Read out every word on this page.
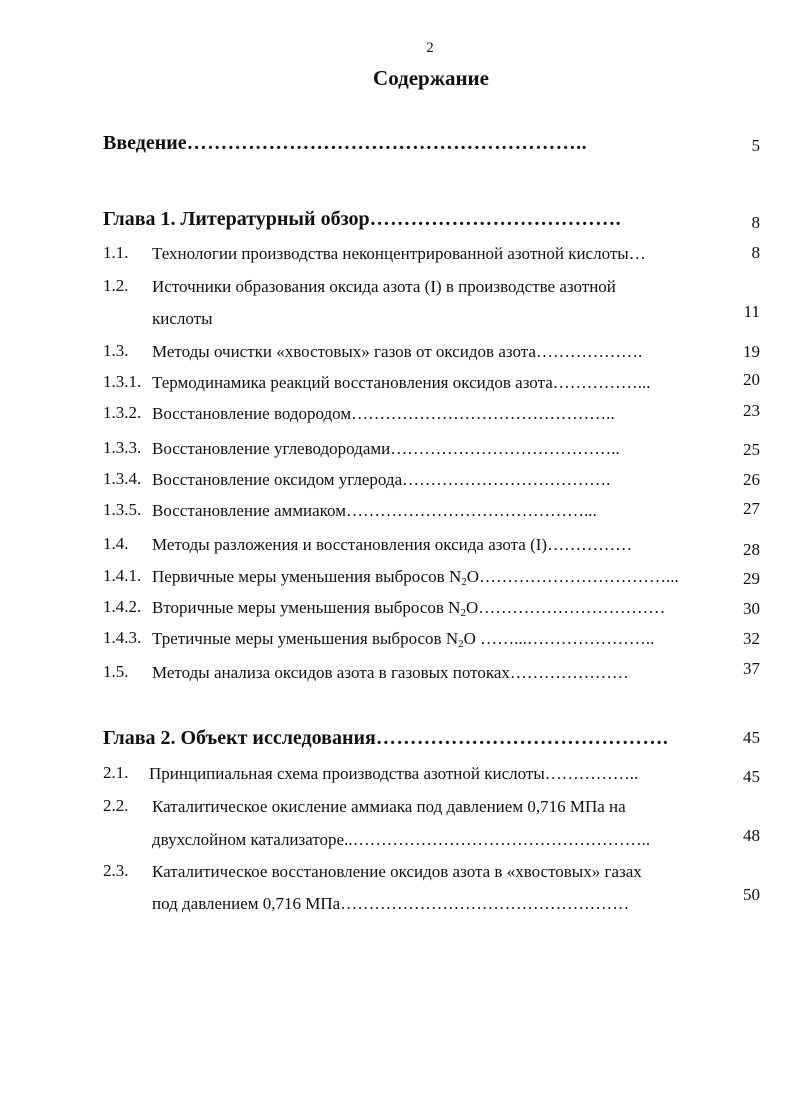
2
Содержание
Введение…………………………………………………..	5
Глава 1. Литературный обзор……………………………….	8
1.1. Технологии производства неконцентрированной азотной кислоты…	8
1.2. Источники образования оксида азота (I) в производстве азотной
кислоты	11
1.3. Методы очистки «хвостовых» газов от оксидов азота……………….	19
1.3.1. Термодинамика реакций восстановления оксидов азота……………...	20
1.3.2. Восстановление водородом………………………………………..	23
1.3.3. Восстановление углеводородами…………………………………..	25
1.3.4. Восстановление оксидом углерода……………………………….	26
1.3.5. Восстановление аммиаком……………………………………...	27
1.4. Методы разложения и восстановления оксида азота (I)……………	28
1.4.1. Первичные меры уменьшения выбросов $N_2O\dots\dots\dots\dots\dots\dots\dots\dots\dots\dots\dots$...	29
1.4.2. Вторичные меры уменьшения выбросов $N_2O\dots\dots\dots\dots\dots\dots\dots\dots\dots\dots\dots$	30
1.4.3. Третичные меры уменьшения выбросов $N_2O$ ……...…………………..	32
1.5. Методы анализа оксидов азота в газовых потоках…………………	37
Глава 2. Объект исследования…………………………………….	45
2.1. Принципиальная схема производства азотной кислоты……………..	45
2.2. Каталитическое окисление аммиака под давлением 0,716 МПа на
двухслойном катализаторе..……………………………………………..	48
2.3. Каталитическое восстановление оксидов азота в «хвостовых» газах
под давлением 0,716 МПа……………………………………………	50
